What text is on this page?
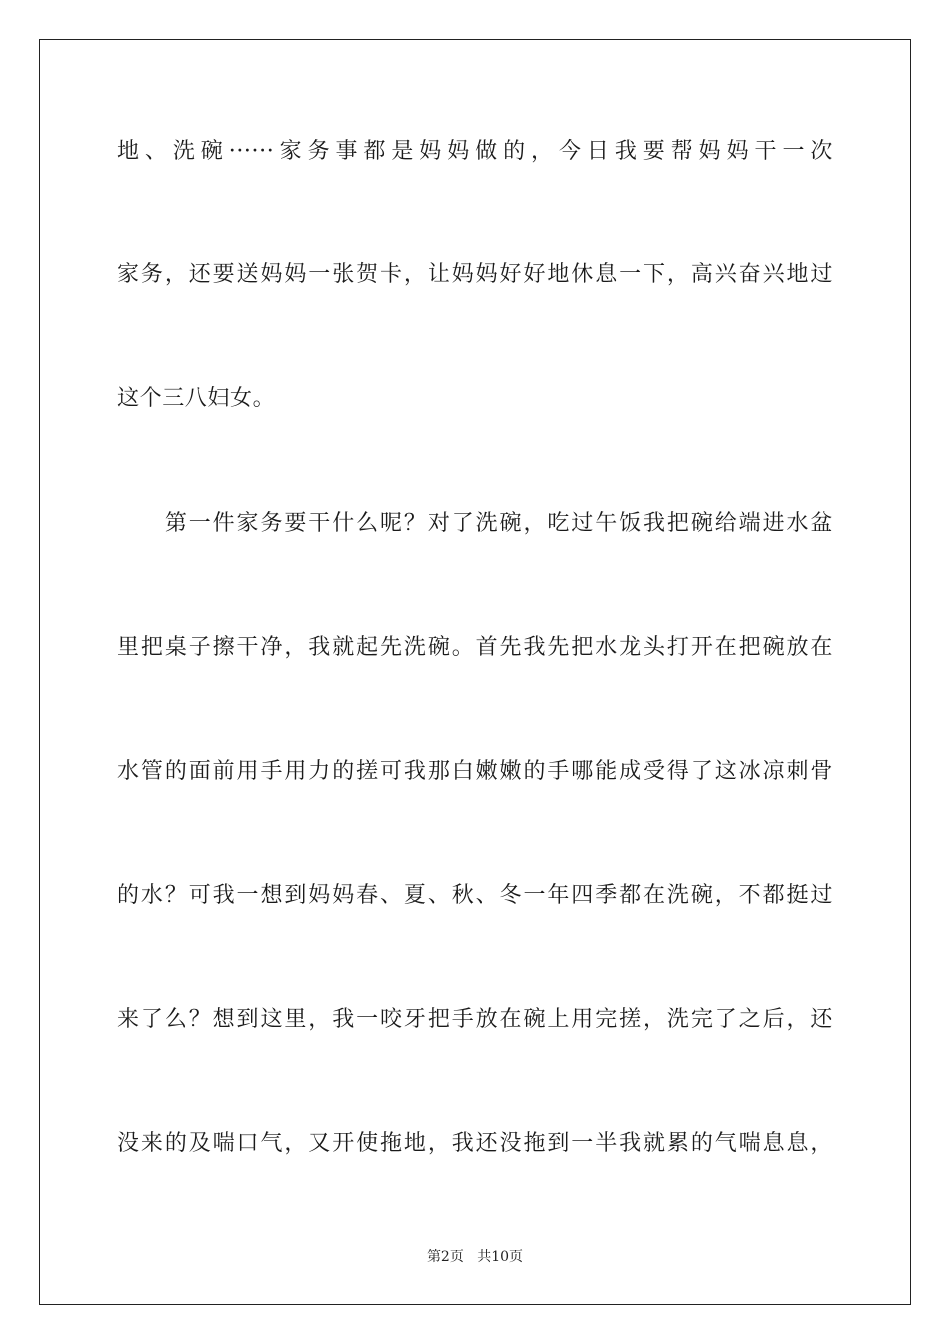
地、洗碗······家务事都是妈妈做的，今日我要帮妈妈干一次
家务，还要送妈妈一张贺卡，让妈妈好好地休息一下，高兴奋兴地过
这个三八妇女。
　　第一件家务要干什么呢？对了洗碗，吃过午饭我把碗给端进水盆
里把桌子擦干净，我就起先洗碗。首先我先把水龙头打开在把碗放在
水管的面前用手用力的搓可我那白嫩嫩的手哪能成受得了这冰凉刺骨
的水？可我一想到妈妈春、夏、秋、冬一年四季都在洗碗，不都挺过
来了么？想到这里，我一咬牙把手放在碗上用完搓，洗完了之后，还
没来的及喘口气，又开使拖地，我还没拖到一半我就累的气喘息息，
第2页 共10页
